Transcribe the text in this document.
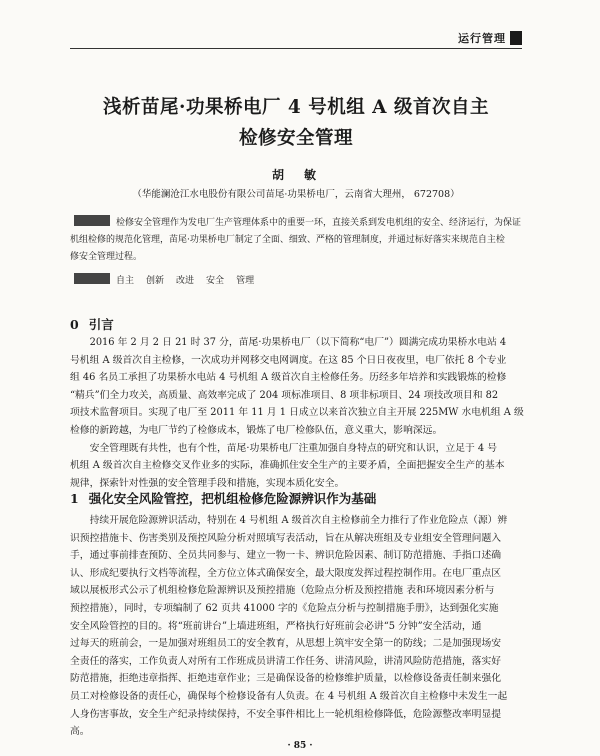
运行管理
浅析苗尾·功果桥电厂 4 号机组 A 级首次自主
检修安全管理
胡　敏
（华能澜沧江水电股份有限公司苗尾·功果桥电厂，云南省大理州， 672708）
检修安全管理作为发电厂生产管理体系中的重要一环，直接关系到发电机组的安全、经济运行，为保证
机组检修的规范化管理，苗尾·功果桥电厂制定了全面、细致、严格的管理制度，并通过标好落实来规范自主检
修安全管理过程。
自主 创新 改进 安全 管理
0 引言
　　2016 年 2 月 2 日 21 时 37 分，苗尾·功果桥电厂（以下简称“电厂”）圆满完成功果桥水电站 4
号机组 A 级首次自主检修，一次成功并网移交电网调度。在这 85 个日日夜夜里，电厂依托 8 个专业
组 46 名员工承担了功果桥水电站 4 号机组 A 级首次自主检修任务。历经多年培养和实践锻炼的检修
“精兵”们全力攻关，高质量、高效率完成了 204 项标准项目、8 项非标项目、24 项技改项目和 82
项技术监督项目。实现了电厂至 2011 年 11 月 1 日成立以来首次独立自主开展 225MW 水电机组 A 级
检修的新跨越，为电厂节约了检修成本，锻炼了电厂检修队伍，意义重大，影响深远。
　　安全管理既有共性，也有个性，苗尾·功果桥电厂注重加强自身特点的研究和认识，立足于 4 号
机组 A 级首次自主检修交叉作业多的实际，准确抓住安全生产的主要矛盾，全面把握安全生产的基本
规律，探索针对性强的安全管理手段和措施，实现本质化安全。
1 强化安全风险管控，把机组检修危险源辨识作为基础
　　持续开展危险源辨识活动，特别在 4 号机组 A 级首次自主检修前全力推行了作业危险点（源）辨
识预控措施卡、伤害类别及预控风险分析对照填写表活动，旨在从解决班组及专业组安全管理问题入
手，通过事前排查预防、全员共同参与、建立一物一卡、辨识危险因素、制订防范措施、手指口述确
认、形成纪要执行文档等流程，全方位立体式确保安全，最大限度发挥过程控制作用。在电厂重点区
域以展板形式公示了机组检修危险源辨识及预控措施（危险点分析及预控措施 表和环境因素分析与
预控措施），同时，专项编制了 62 页共 41000 字的《危险点分析与控制措施手册》，达到强化实施
安全风险管控的目的。将“班前讲台”上墙进班组，严格执行好班前会必讲“5 分钟”安全活动，通
过每天的班前会，一是加强对班组员工的安全教育，从思想上筑牢安全第一的防线；二是加强现场安
全责任的落实，工作负责人对所有工作班成员讲清工作任务、讲清风险，讲清风险防范措施，落实好
防范措施，拒绝违章指挥、拒绝违章作业；三是确保设备的检修维护质量，以检修设备责任制来强化
员工对检修设备的责任心，确保每个检修设备有人负责。在 4 号机组 A 级首次自主检修中未发生一起
人身伤害事故，安全生产纪录持续保持，不安全事件相比上一轮机组检修降低，危险源整改率明显提
高。
· 85 ·
